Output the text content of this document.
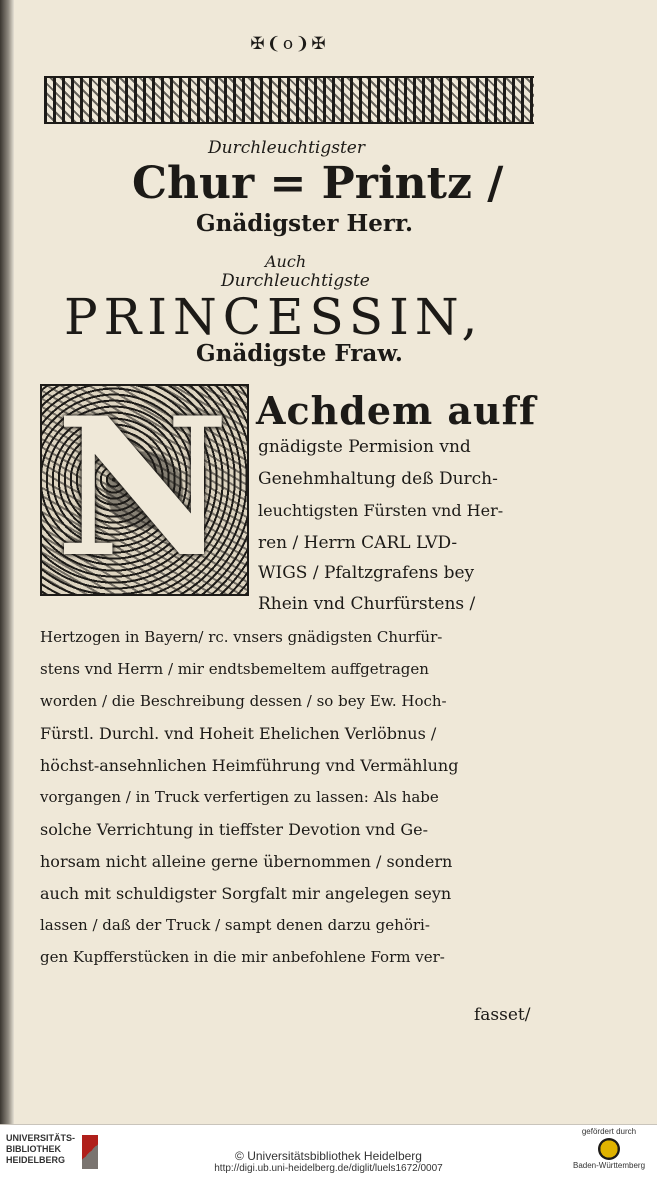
✠❨o❩✠
Durchleuchtigster
Chur = Printz /
Gnädigster Herr.
Auch
Durchleuchtigste
PRINCESSIN,
Gnädigste Fraw.
N Achdem auff
gnädigste Permision vnd
Genehmhaltung deß Durch-
leuchtigsten Fürsten vnd Her-
ren / Herrn CARL LVD-
WIGS / Pfaltzgrafens bey
Rhein vnd Churfürstens /
Hertzogen in Bayern/ rc. vnsers gnädigsten Churfür-
stens vnd Herrn / mir endtsbemeltem auffgetragen
worden / die Beschreibung dessen / so bey Ew. Hoch-
Fürstl. Durchl. vnd Hoheit Ehelichen Verlöbnus /
höchst-ansehnlichen Heimführung vnd Vermählung
vorgangen / in Truck verfertigen zu lassen: Als habe
solche Verrichtung in tieffster Devotion vnd Ge-
horsam nicht alleine gerne übernommen / sondern
auch mit schuldigster Sorgfalt mir angelegen seyn
lassen / daß der Truck / sampt denen darzu gehöri-
gen Kupfferstücken in die mir anbefohlene Form ver-
fasset/
UNIVERSITÄTS-
BIBLIOTHEK
HEIDELBERG	© Universitätsbibliothek Heidelberg
http://digi.ub.uni-heidelberg.de/diglit/luels1672/0007
gefördert durch
Baden-Württemberg
